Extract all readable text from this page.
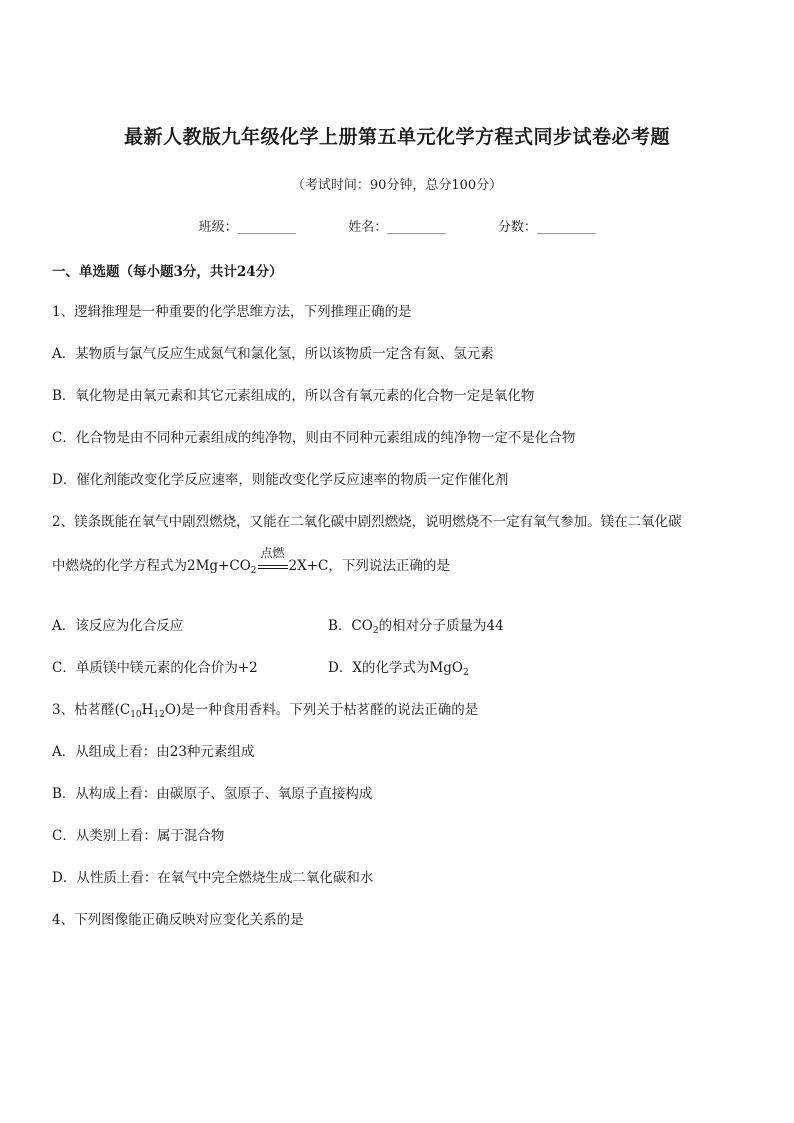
最新人教版九年级化学上册第五单元化学方程式同步试卷必考题
（考试时间：90分钟，总分100分）
班级：_________	姓名：_________	分数：_________
一、单选题（每小题3分，共计24分）
1、逻辑推理是一种重要的化学思维方法，下列推理正确的是
A．某物质与氯气反应生成氮气和氯化氢，所以该物质一定含有氮、氢元素
B．氧化物是由氧元素和其它元素组成的，所以含有氧元素的化合物一定是氧化物
C．化合物是由不同种元素组成的纯净物，则由不同种元素组成的纯净物一定不是化合物
D．催化剂能改变化学反应速率，则能改变化学反应速率的物质一定作催化剂
2、镁条既能在氧气中剧烈燃烧，又能在二氧化碳中剧烈燃烧，说明燃烧不一定有氧气参加。镁在二氧化碳
中燃烧的化学方程式为$2Mg+CO_2$
点燃
2X+C，下列说法正确的是
A．该反应为化合反应	B．$CO_2$的相对分子质量为44
C．单质镁中镁元素的化合价为+2	D．X的化学式为MgO$_2$
3、枯茗醛$(C_{10}H_{12}O)$是一种食用香料。下列关于枯茗醛的说法正确的是
A．从组成上看：由23种元素组成
B．从构成上看：由碳原子、氢原子、氧原子直接构成
C．从类别上看：属于混合物
D．从性质上看：在氧气中完全燃烧生成二氧化碳和水
4、下列图像能正确反映对应变化关系的是
